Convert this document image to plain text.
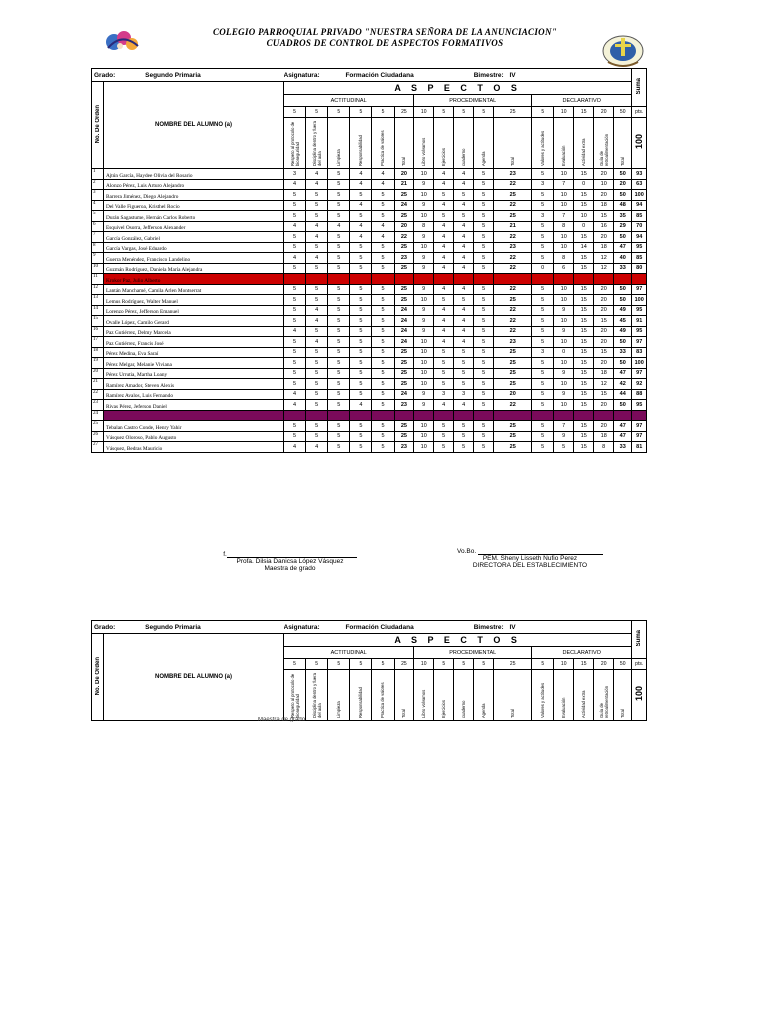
COLEGIO PARROQUIAL PRIVADO "NUESTRA SEÑORA DE LA ANUNCIACION"
CUADROS DE CONTROL DE ASPECTOS FORMATIVOS
Grado: Segundo Primaria		Asignatura: Formación Ciudadana						Bimestre: IV										Suma
No. De Orden	NOMBRE DEL ALUMNO (a)	A S P E C T O S																
		ACTITUDINAL						PROCEDIMENTAL					DECLARATIVO					
		5	5	5	5	5	25	10	5	5	5	25	5	10	15	20	50	pts.
		Respeto al protocolo de bioseguridad	Disciplina dentro y fuera del aula	Limpieza	Responsabilidad	Practica de valores	Total	Libro volvamos	Ejercicios	cuaderno	Agenda	Total	Valores y actitudes	Evaluación	Actividad extra	Guía de retroalimentación	Total	100
1	Ajtún García, Haydee Olivia del Rosario	3	4	5	4	4	20	10	4	4	5	23	5	10	15	20	50	93
2	Alonzo Pérez, Luis Arturo Alejandro	4	4	5	4	4	21	9	4	4	5	22	3	7	0	10	20	63
3	Barrera Jiménez, Diego Alejandro	5	5	5	5	5	25	10	5	5	5	25	5	10	15	20	50	100
4	Del Valle Figueroa, Kristhel Rocio	5	5	5	4	5	24	9	4	4	5	22	5	10	15	18	48	94
5	Durán Sagastume, Hernán Carlos Roberto	5	5	5	5	5	25	10	5	5	5	25	3	7	10	15	35	85
6	Esquivel Osorra, Jefferson Alexander	4	4	4	4	4	20	8	4	4	5	21	5	8	0	16	29	70
7	García González, Gabriel	5	4	5	4	4	22	9	4	4	5	22	5	10	15	20	50	94
8	García Vargas, José Eduardo	5	5	5	5	5	25	10	4	4	5	23	5	10	14	18	47	95
9	Guerra Menéndez, Francisco Landelino	4	4	5	5	5	23	9	4	4	5	22	5	8	15	12	40	85
10	Guzmán Rodríguez, Daniela María Alejandra	5	5	5	5	5	25	9	4	4	5	22	0	6	15	12	33	80
11	Krokor Paz, Julio Alberto																	
12	Lantán Manchamé, Camila Arlen Montserrat	5	5	5	5	5	25	9	4	4	5	22	5	10	15	20	50	97
13	Lemus Rodríguez, Walter Manuel	5	5	5	5	5	25	10	5	5	5	25	5	10	15	20	50	100
14	Lorenzo Pérez, Jefferson Emanuel	5	4	5	5	5	24	9	4	4	5	22	5	9	15	20	49	95
15	Ovalle López, Camilo Gerard	5	4	5	5	5	24	9	4	4	5	22	5	10	15	15	45	91
16	Paz Gutiérrez, Delmy Marcela	4	5	5	5	5	24	9	4	4	5	22	5	9	15	20	49	95
17	Paz Gutiérrez, Francis José	5	4	5	5	5	24	10	4	4	5	23	5	10	15	20	50	97
18	Pérez Medina, Eva Saraí	5	5	5	5	5	25	10	5	5	5	25	3	0	15	15	33	83
19	Pérez Melgar, Melanie Viviana	5	5	5	5	5	25	10	5	5	5	25	5	10	15	20	50	100
20	Pérez Urrutia, Martha Loany	5	5	5	5	5	25	10	5	5	5	25	5	9	15	18	47	97
21	Ramírez Amador, Steven Alexis	5	5	5	5	5	25	10	5	5	5	25	5	10	15	12	42	92
22	Ramírez Avalos, Luis Fernando	4	5	5	5	5	24	9	3	3	5	20	5	9	15	15	44	88
23	Rivas Pérez, Jeferson Daniel	4	5	5	4	5	23	9	4	4	5	22	5	10	15	20	50	95
24																		
25	Tebalan Castro Conde, Henry Yahir	5	5	5	5	5	25	10	5	5	5	25	5	7	15	20	47	97
26	Vásquez Oloroso, Pablo Augusto	5	5	5	5	5	25	10	5	5	5	25	5	9	15	18	47	97
27	Vásquez, Bedras Mauricio	4	4	5	5	5	23	10	5	5	5	25	5	5	15	8	33	81
f.
Profa. Dilsia Danicsa López Vásquez
Maestra de grado
Vo.Bo.
PEM. Sheny Lisseth Nufio Perez
DIRECTORA DEL ESTABLECIMIENTO
Grado: Segundo Primaria		Asignatura: Formación Ciudadana						Bimestre: IV										Suma
No. De Orden	NOMBRE DEL ALUMNO (a)	A S P E C T O S																
		ACTITUDINAL						PROCEDIMENTAL					DECLARATIVO					
		5	5	5	5	5	25	10	5	5	5	25	5	10	15	20	50	pts.
		Respeto al protocolo de bioseguridad	Disciplina dentro y fuera del aula	Limpieza	Responsabilidad	Practica de valores	Total	Libro volvamos	Ejercicios	cuaderno	Agenda	Total	Valores y actitudes	Evaluación	Actividad extra	Guía de retroalimentación	Total	100
Maestra de grado
